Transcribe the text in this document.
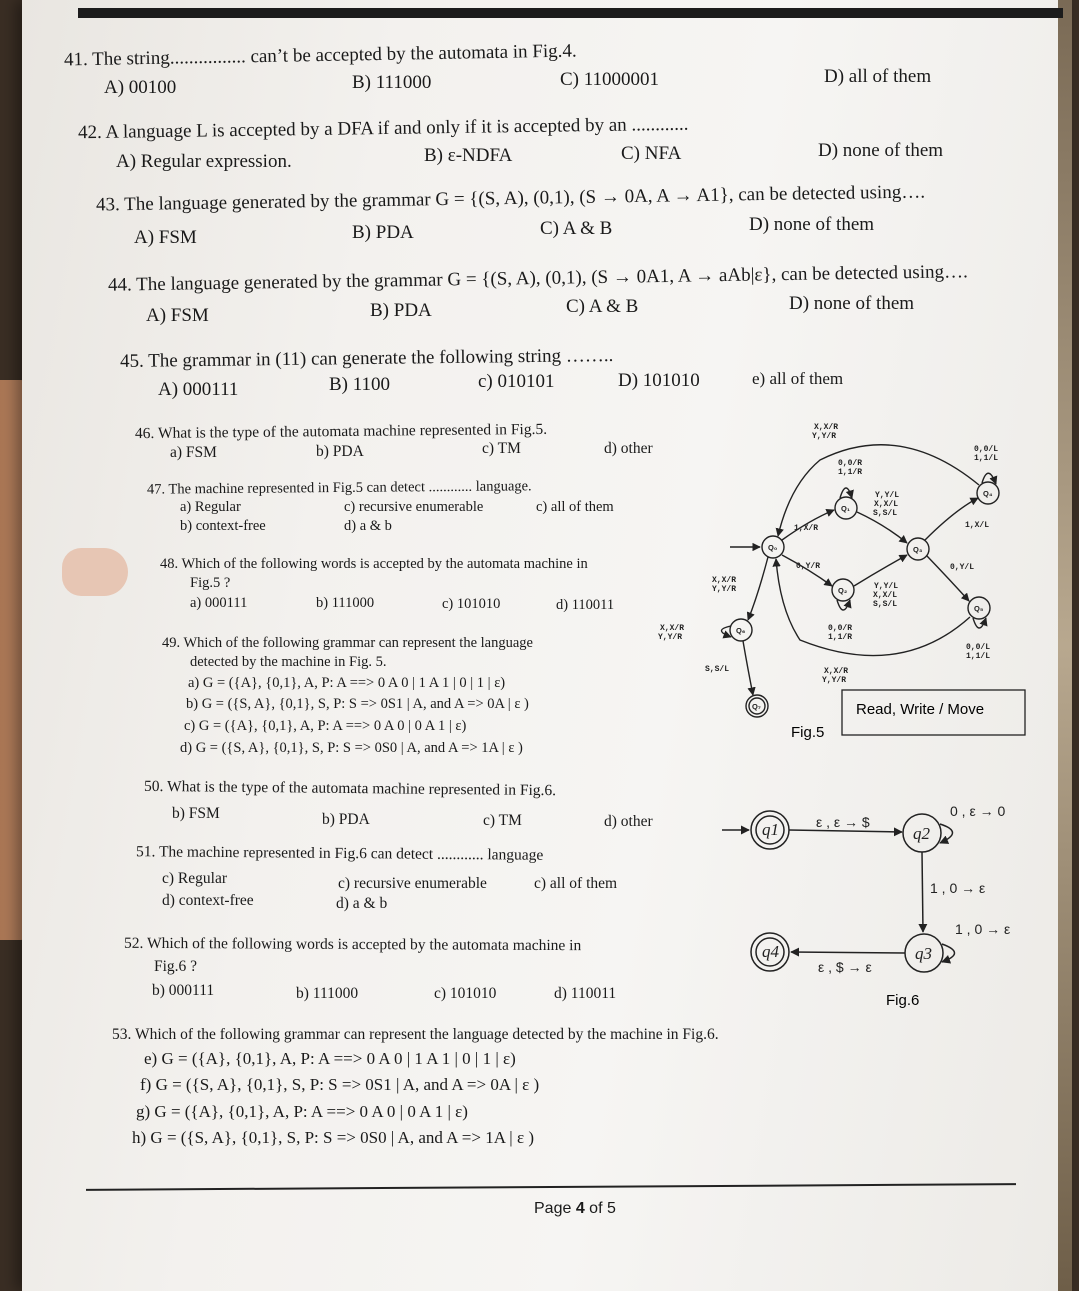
41. The string................ can’t be accepted by the automata in Fig.4.
A) 00100	B) 111000	C) 11000001	D) all of them
42. A language L is accepted by a DFA if and only if it is accepted by an ............
A) Regular expression.	B) ε-NDFA	C) NFA	D) none of them
43. The language generated by the grammar G = {(S, A), (0,1), (S → 0A, A → A1}, can be detected using….
A) FSM	B) PDA	C) A & B	D) none of them
44. The language generated by the grammar G = {(S, A), (0,1), (S → 0A1, A → aAb|ε}, can be detected using….
A) FSM	B) PDA	C) A & B	D) none of them
45. The grammar in (11) can generate the following string ……..
A) 000111	B) 1100	c) 010101	D) 101010	e) all of them
46. What is the type of the automata machine represented in Fig.5.
a) FSM	b) PDA	c) TM	d) other
47. The machine represented in Fig.5 can detect ............ language.
a) Regular
b) context-free
c) recursive enumerable
d) a & b
c) all of them
48. Which of the following words is accepted by the automata machine in
Fig.5 ?
a) 000111	b) 111000	c) 101010	d) 110011
49. Which of the following grammar can represent the language
detected by the machine in Fig. 5.
a) G = ({A}, {0,1}, A, P: A ==> 0 A 0 | 1 A 1 | 0 | 1 | ε)
b) G = ({S, A}, {0,1}, S, P: S => 0S1 | A, and A => 0A | ε )
c) G = ({A}, {0,1}, A, P: A ==> 0 A 0 | 0 A 1 | ε)
d) G = ({S, A}, {0,1}, S, P: S => 0S0 | A, and A => 1A | ε )
50. What is the type of the automata machine represented in Fig.6.
b) FSM	b) PDA	c) TM	d) other
51. The machine represented in Fig.6 can detect ............ language
c) Regular
d) context-free
c) recursive enumerable
d) a & b
c) all of them
52. Which of the following words is accepted by the automata machine in
Fig.6 ?
b) 000111	b) 111000	c) 101010	d) 110011
53. Which of the following grammar can represent the language detected by the machine in Fig.6.
e) G = ({A}, {0,1}, A, P: A ==> 0 A 0 | 1 A 1 | 0 | 1 | ε)
f) G = ({S, A}, {0,1}, S, P: S => 0S1 | A, and A => 0A | ε )
g) G = ({A}, {0,1}, A, P: A ==> 0 A 0 | 0 A 1 | ε)
h) G = ({S, A}, {0,1}, S, P: S => 0S0 | A, and A => 1A | ε )
Q₀
Q₁
Q₂
Q₃
Q₄
Q₅
Q₆
Q₇
X,X/R
Y,Y/R
0,0/R
1,1/R
1,X/R
0,Y/R
X,X/R
Y,Y/R
0,0/R
1,1/R
X,X/R
Y,Y/R
X,X/R
Y,Y/R
S,S/L
Y,Y/L
X,X/L
S,S/L
Y,Y/L
X,X/L
S,S/L
0,0/L
1,1/L
1,X/L
0,Y/L
0,0/L
1,1/L
Read, Write / Move
Fig.5
q1	q2
q3
q4
ε , ε → $
0 , ε → 0
1 , 0 → ε
1 , 0 → ε
ε , $ → ε
Fig.6
Page 4 of 5
